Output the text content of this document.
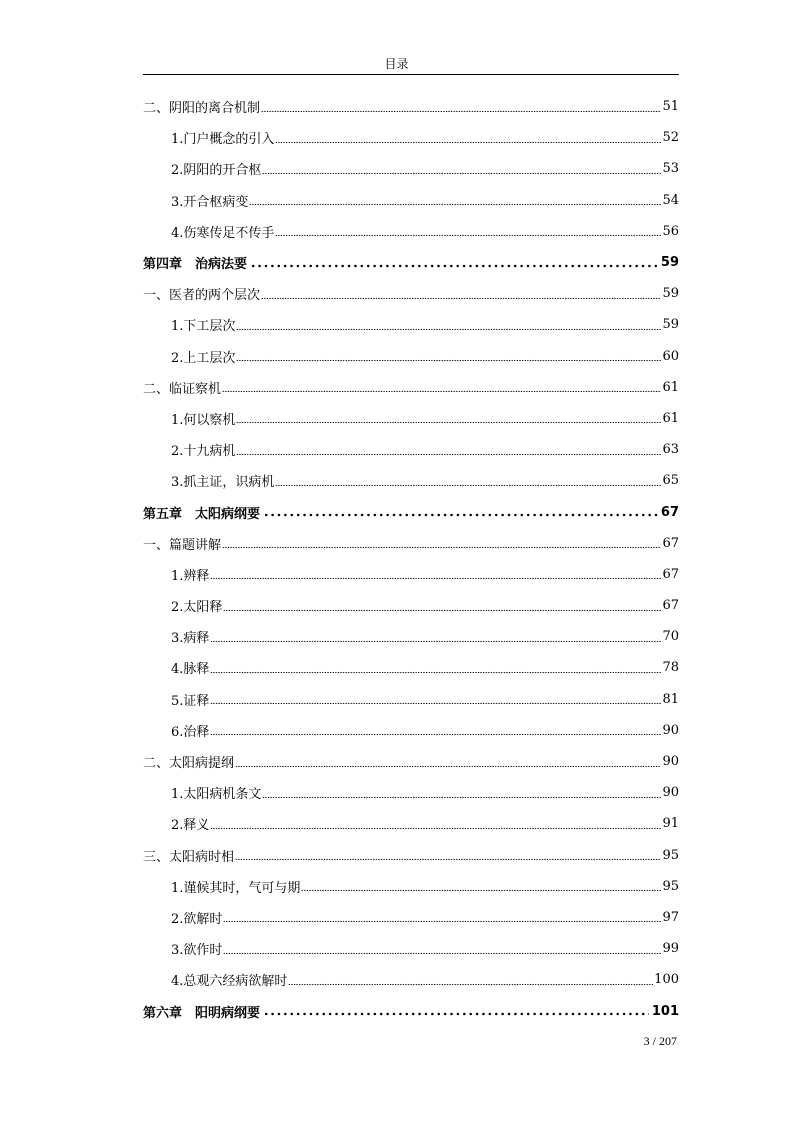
目录
二、阴阳的离合机制	51
1.门户概念的引入	52
2.阴阳的开合枢	53
3.开合枢病变	54
4.伤寒传足不传手	56
第四章　治病法要	59
一、医者的两个层次	59
1.下工层次	59
2.上工层次	60
二、临证察机	61
1.何以察机	61
2.十九病机	63
3.抓主证，识病机	65
第五章　太阳病纲要	67
一、篇题讲解	67
1.辨释	67
2.太阳释	67
3.病释	70
4.脉释	78
5.证释	81
6.治释	90
二、太阳病提纲	90
1.太阳病机条文	90
2.释义	91
三、太阳病时相	95
1.谨候其时，气可与期	95
2.欲解时	97
3.欲作时	99
4.总观六经病欲解时	100
第六章　阳明病纲要	101
3 / 207
